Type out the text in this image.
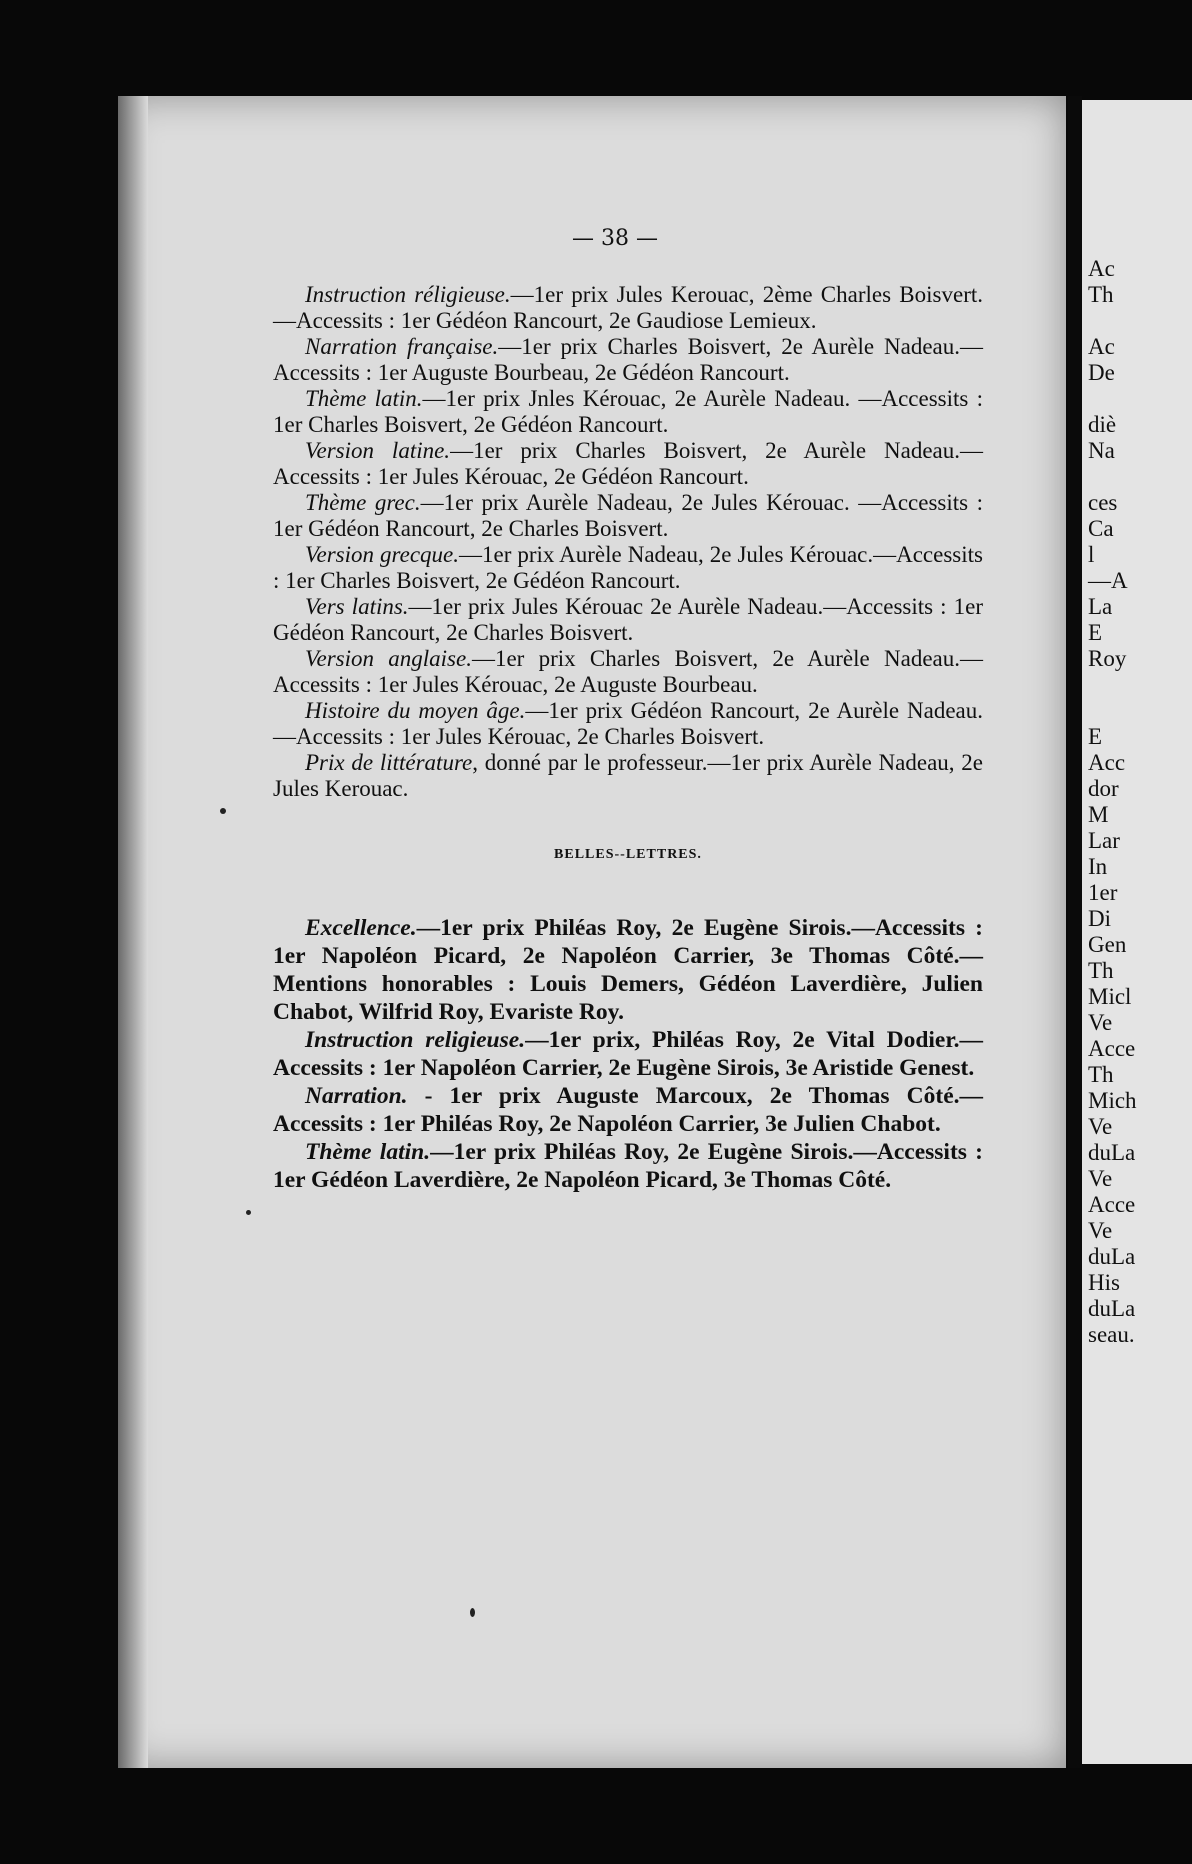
Ac
Th

Ac
De

diè
Na

ces
Ca
l
—A
La
E
Roy

E
Acc
dor
M
Lar
In
1er
Di
Gen
Th
Micl
Ve
Acce
Th
Mich
Ve
duLa
Ve
Acce
Ve
duLa
His
duLa
seau.
— 38 —

Instruction réligieuse.—1er prix Jules Kerouac, 2ème Charles Boisvert.—Accessits : 1er Gédéon Rancourt, 2e Gaudiose Lemieux.

Narration française.—1er prix Charles Boisvert, 2e Aurèle Nadeau.—Accessits : 1er Auguste Bourbeau, 2e Gédéon Rancourt.

Thème latin.—1er prix Jnles Kérouac, 2e Aurèle Nadeau. —Accessits : 1er Charles Boisvert, 2e Gédéon Rancourt.

Version latine.—1er prix Charles Boisvert, 2e Aurèle Nadeau.—Accessits : 1er Jules Kérouac, 2e Gédéon Rancourt.

Thème grec.—1er prix Aurèle Nadeau, 2e Jules Kérouac. —Accessits : 1er Gédéon Rancourt, 2e Charles Boisvert.

Version grecque.—1er prix Aurèle Nadeau, 2e Jules Kérouac.—Accessits : 1er Charles Boisvert, 2e Gédéon Rancourt.

Vers latins.—1er prix Jules Kérouac 2e Aurèle Nadeau.—Accessits : 1er Gédéon Rancourt, 2e Charles Boisvert.

Version anglaise.—1er prix Charles Boisvert, 2e Aurèle Nadeau.—Accessits : 1er Jules Kérouac, 2e Auguste Bourbeau.

Histoire du moyen âge.—1er prix Gédéon Rancourt, 2e Aurèle Nadeau.—Accessits : 1er Jules Kérouac, 2e Charles Boisvert.

Prix de littérature, donné par le professeur.—1er prix Aurèle Nadeau, 2e Jules Kerouac.

BELLES--LETTRES.

Excellence.—1er prix Philéas Roy, 2e Eugène Sirois.—Accessits : 1er Napoléon Picard, 2e Napoléon Carrier, 3e Thomas Côté.—Mentions honorables : Louis Demers, Gédéon Laverdière, Julien Chabot, Wilfrid Roy, Evariste Roy.

Instruction religieuse.—1er prix, Philéas Roy, 2e Vital Dodier.—Accessits : 1er Napoléon Carrier, 2e Eugène Sirois, 3e Aristide Genest.

Narration. - 1er prix Auguste Marcoux, 2e Thomas Côté.—Accessits : 1er Philéas Roy, 2e Napoléon Carrier, 3e Julien Chabot.

Thème latin.—1er prix Philéas Roy, 2e Eugène Sirois.—Accessits : 1er Gédéon Laverdière, 2e Napoléon Picard, 3e Thomas Côté.
